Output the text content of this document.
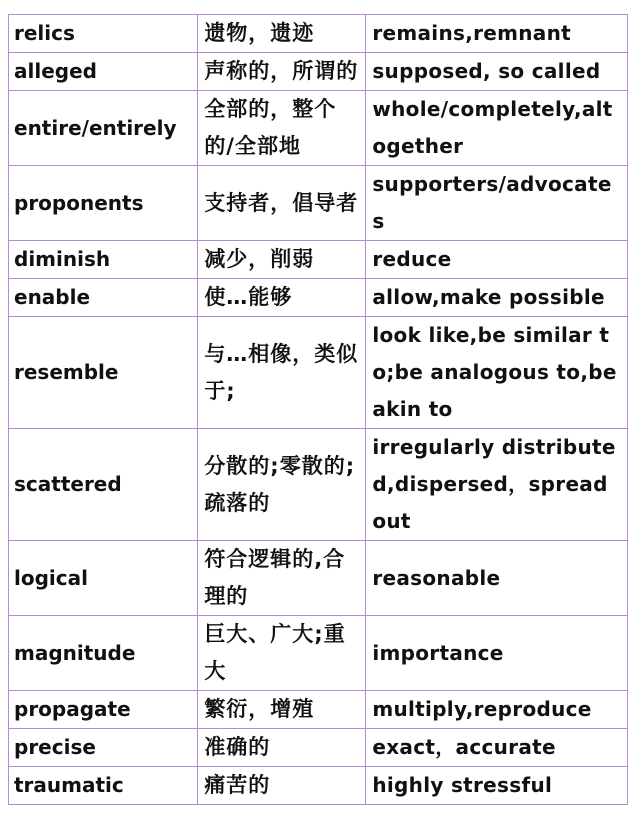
relics	遗物，遗迹	remains,remnant
alleged	声称的，所谓的	supposed, so called
entire/entirely	全部的，整个的/全部地	whole/completely,altogether
proponents	支持者，倡导者	supporters/advocates
diminish	减少，削弱	reduce
enable	使…能够	allow,make possible
resemble	与…相像，类似于;	look like,be similar to;be analogous to,be akin to
scattered	分散的;零散的;疏落的	irregularly distributed,dispersed，spread out
logical	符合逻辑的,合理的	reasonable
magnitude	巨大、广大;重大	importance
propagate	繁衍，增殖	multiply,reproduce
precise	准确的	exact，accurate
traumatic	痛苦的	highly stressful
